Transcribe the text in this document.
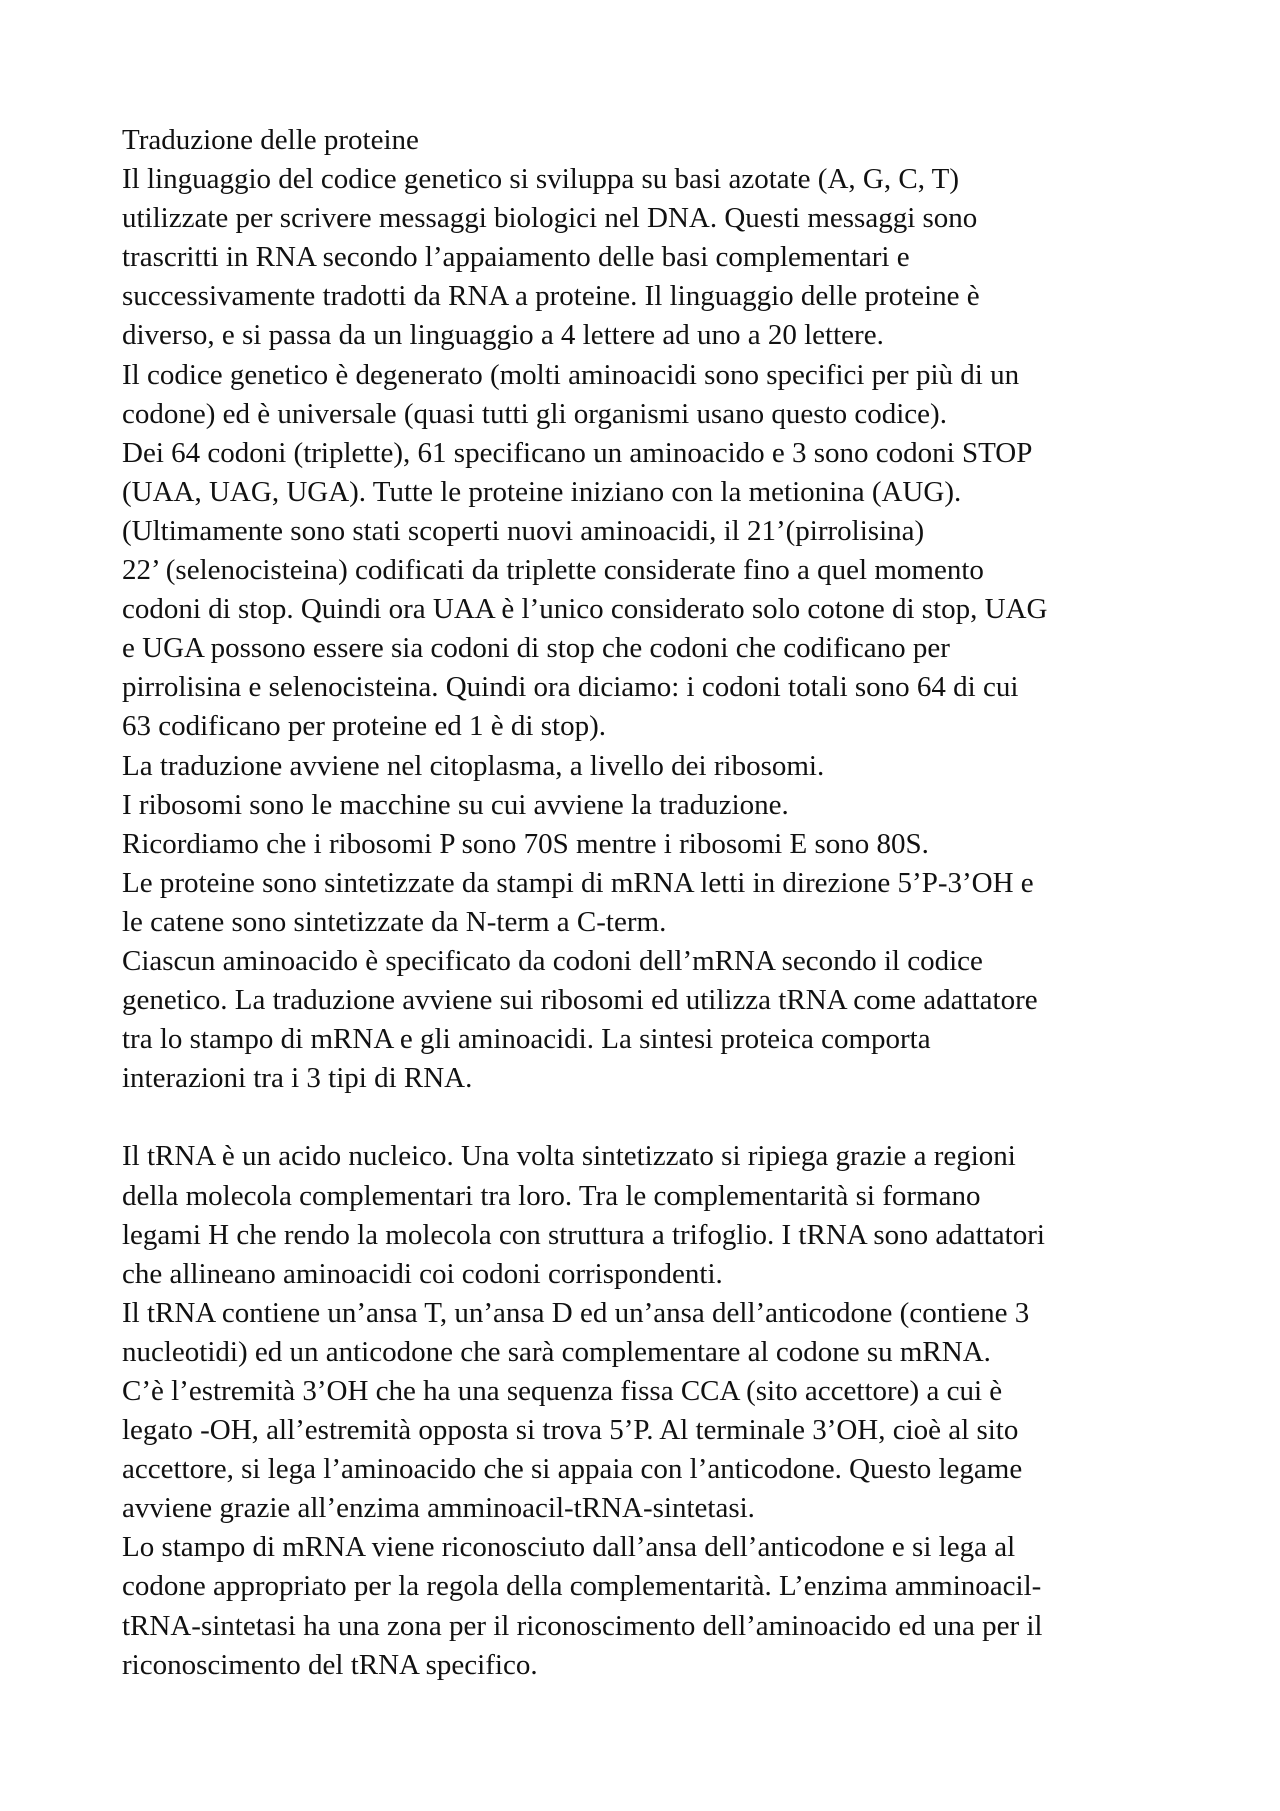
Traduzione delle proteine

Il linguaggio del codice genetico si sviluppa su basi azotate (A, G, C, T)

utilizzate per scrivere messaggi biologici nel DNA. Questi messaggi sono

trascritti in RNA secondo l’appaiamento delle basi complementari e

successivamente tradotti da RNA a proteine. Il linguaggio delle proteine è

diverso, e si passa da un linguaggio a 4 lettere ad uno a 20 lettere.

Il codice genetico è degenerato (molti aminoacidi sono specifici per più di un

codone) ed è universale (quasi tutti gli organismi usano questo codice).

Dei 64 codoni (triplette), 61 specificano un aminoacido e 3 sono codoni STOP

(UAA, UAG, UGA). Tutte le proteine iniziano con la metionina (AUG).

(Ultimamente sono stati scoperti nuovi aminoacidi, il 21’(pirrolisina)

22’ (selenocisteina) codificati da triplette considerate fino a quel momento

codoni di stop. Quindi ora UAA è l’unico considerato solo cotone di stop, UAG

e UGA possono essere sia codoni di stop che codoni che codificano per

pirrolisina e selenocisteina. Quindi ora diciamo: i codoni totali sono 64 di cui

63 codificano per proteine ed 1 è di stop).

La traduzione avviene nel citoplasma, a livello dei ribosomi.

I ribosomi sono le macchine su cui avviene la traduzione.

Ricordiamo che i ribosomi P sono 70S mentre i ribosomi E sono 80S.

Le proteine sono sintetizzate da stampi di mRNA letti in direzione 5’P-3’OH e

le catene sono sintetizzate da N-term a C-term.

Ciascun aminoacido è specificato da codoni dell’mRNA secondo il codice

genetico. La traduzione avviene sui ribosomi ed utilizza tRNA come adattatore

tra lo stampo di mRNA e gli aminoacidi. La sintesi proteica comporta

interazioni tra i 3 tipi di RNA.

Il tRNA è un acido nucleico. Una volta sintetizzato si ripiega grazie a regioni

della molecola complementari tra loro. Tra le complementarità si formano

legami H che rendo la molecola con struttura a trifoglio. I tRNA sono adattatori

che allineano aminoacidi coi codoni corrispondenti.

Il tRNA contiene un’ansa T, un’ansa D ed un’ansa dell’anticodone (contiene 3

nucleotidi) ed un anticodone che sarà complementare al codone su mRNA.

C’è l’estremità 3’OH che ha una sequenza fissa CCA (sito accettore) a cui è

legato -OH, all’estremità opposta si trova 5’P. Al terminale 3’OH, cioè al sito

accettore, si lega l’aminoacido che si appaia con l’anticodone. Questo legame

avviene grazie all’enzima amminoacil-tRNA-sintetasi.

Lo stampo di mRNA viene riconosciuto dall’ansa dell’anticodone e si lega al

codone appropriato per la regola della complementarità. L’enzima amminoacil-

tRNA-sintetasi ha una zona per il riconoscimento dell’aminoacido ed una per il

riconoscimento del tRNA specifico.
